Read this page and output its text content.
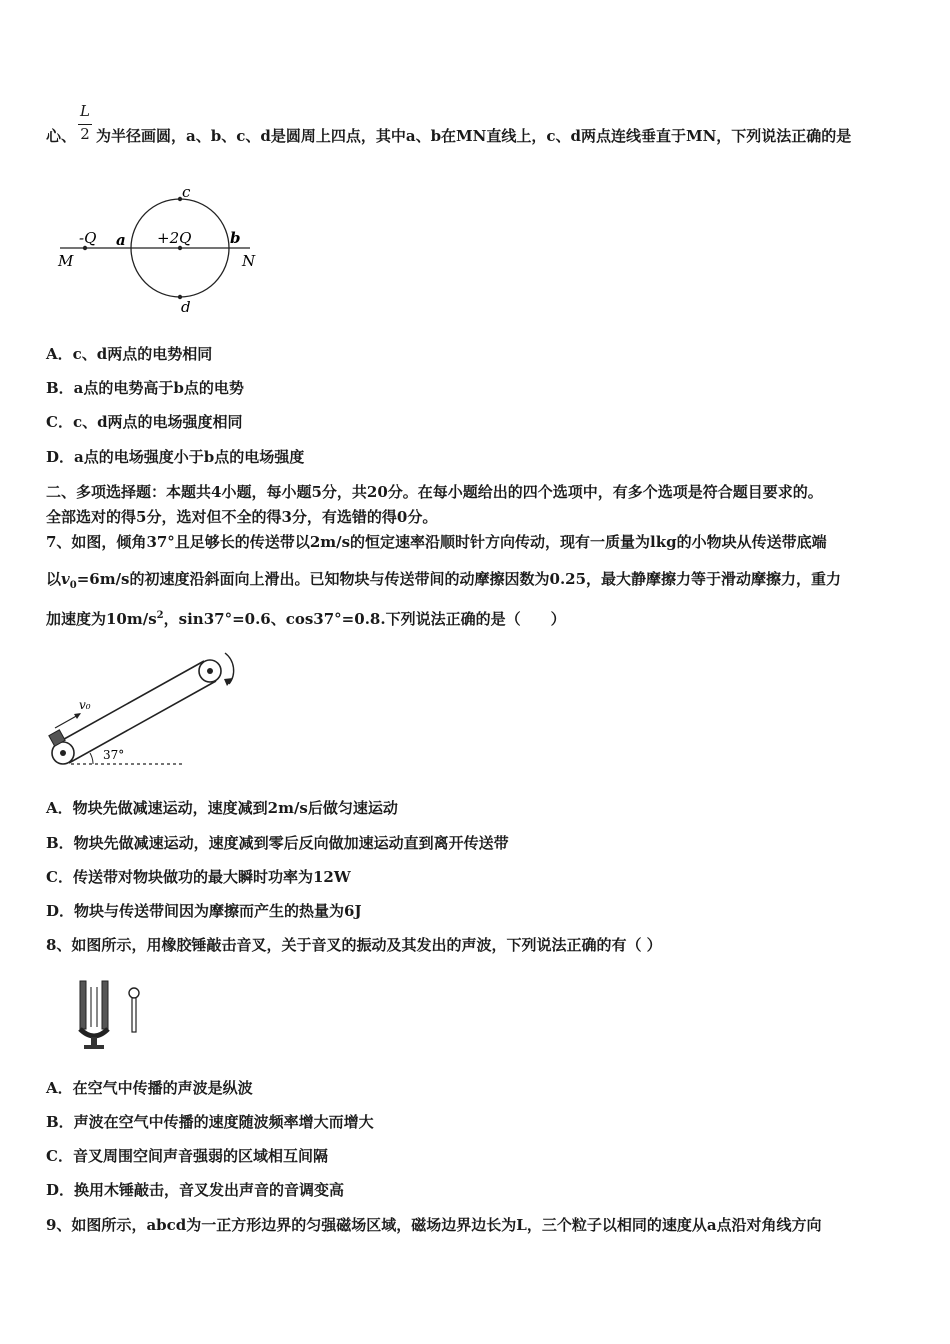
L
2
心、 为半径画圆，a、b、c、d是圆周上四点，其中a、b在MN直线上，c、d两点连线垂直于MN，下列说法正确的是
-Q	+2Q
a	b
c
d
M	N
A．c、d两点的电势相同
B．a点的电势高于b点的电势
C．c、d两点的电场强度相同
D．a点的电场强度小于b点的电场强度
二、多项选择题：本题共4小题，每小题5分，共20分。在每小题给出的四个选项中，有多个选项是符合题目要求的。
全部选对的得5分，选对但不全的得3分，有选错的得0分。
7、如图，倾角37°且足够长的传送带以2m/s的恒定速率沿顺时针方向传动，现有一质量为lkg的小物块从传送带底端
以$v_0=6m/s$的初速度沿斜面向上滑出。已知物块与传送带间的动摩擦因数为0.25，最大静摩擦力等于滑动摩擦力，重力
加速度为$10m/s^2$，sin37°=0.6、cos37°=0.8.下列说法正确的是（　　）
v₀
37°
A．物块先做减速运动，速度减到2m/s后做匀速运动
B．物块先做减速运动，速度减到零后反向做加速运动直到离开传送带
C．传送带对物块做功的最大瞬时功率为12W
D．物块与传送带间因为摩擦而产生的热量为6J
8、如图所示，用橡胶锤敲击音叉，关于音叉的振动及其发出的声波，下列说法正确的有（ ）
A．在空气中传播的声波是纵波
B．声波在空气中传播的速度随波频率增大而增大
C．音叉周围空间声音强弱的区域相互间隔
D．换用木锤敲击，音叉发出声音的音调变高
9、如图所示，abcd为一正方形边界的匀强磁场区域，磁场边界边长为L，三个粒子以相同的速度从a点沿对角线方向
